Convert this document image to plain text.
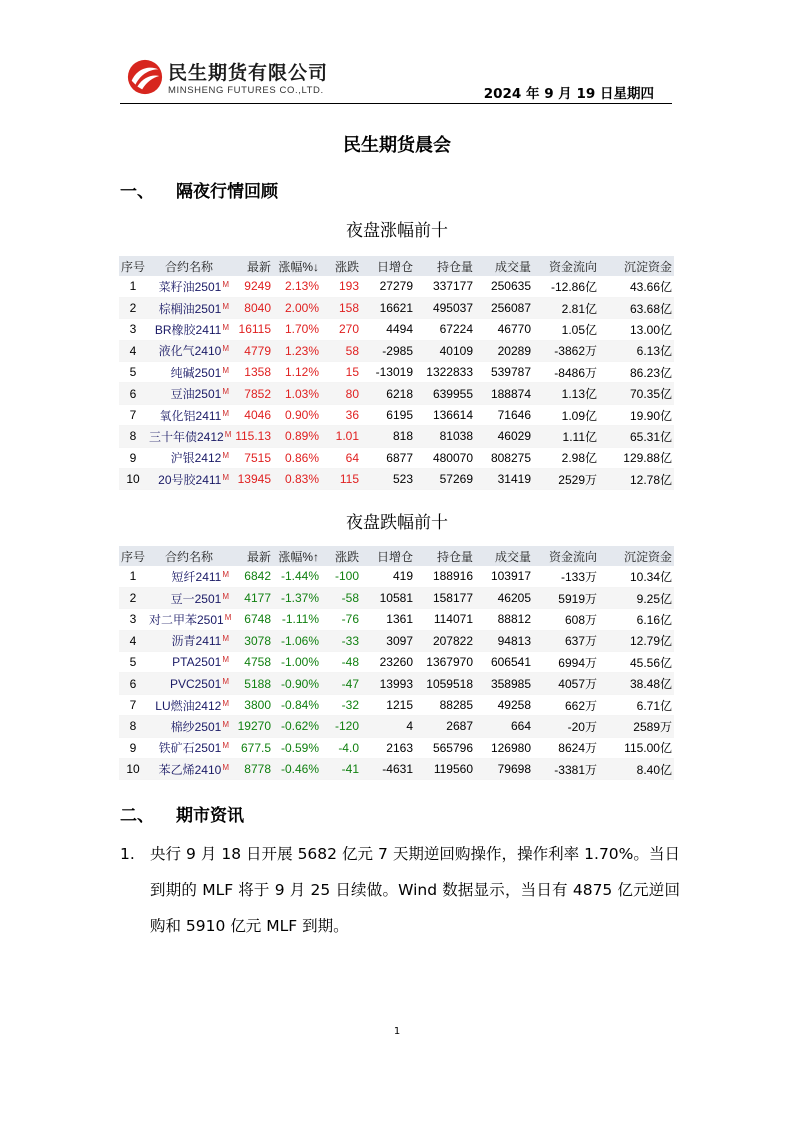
民生期货有限公司
MINSHENG FUTURES CO.,LTD.	2024 年 9 月 19 日星期四
民生期货晨会
一、 隔夜行情回顾
夜盘涨幅前十
序号	合约名称	最新	涨幅%↓	涨跌	日增仓	持仓量	成交量	资金流向	沉淀资金
1	菜籽油$2501^M$	9249	2.13%	193	27279	337177	250635	-12.86亿	43.66亿
2	棕榈油$2501^M$	8040	2.00%	158	16621	495037	256087	2.81亿	63.68亿
3	BR橡胶$2411^M$	16115	1.70%	270	4494	67224	46770	1.05亿	13.00亿
4	液化气$2410^M$	4779	1.23%	58	-2985	40109	20289	-3862万	6.13亿
5	纯碱$2501^M$	1358	1.12%	15	-13019	1322833	539787	-8486万	86.23亿
6	豆油$2501^M$	7852	1.03%	80	6218	639955	188874	1.13亿	70.35亿
7	氧化铝$2411^M$	4046	0.90%	36	6195	136614	71646	1.09亿	19.90亿
8	三十年债$2412^M$	115.13	0.89%	1.01	818	81038	46029	1.11亿	65.31亿
9	沪银$2412^M$	7515	0.86%	64	6877	480070	808275	2.98亿	129.88亿
10	20号胶$2411^M$	13945	0.83%	115	523	57269	31419	2529万	12.78亿
夜盘跌幅前十
序号	合约名称	最新	涨幅%↑	涨跌	日增仓	持仓量	成交量	资金流向	沉淀资金
1	短纤$2411^M$	6842	-1.44%	-100	419	188916	103917	-133万	10.34亿
2	豆一$2501^M$	4177	-1.37%	-58	10581	158177	46205	5919万	9.25亿
3	对二甲苯$2501^M$	6748	-1.11%	-76	1361	114071	88812	608万	6.16亿
4	沥青$2411^M$	3078	-1.06%	-33	3097	207822	94813	637万	12.79亿
5	$PTA2501^M$	4758	-1.00%	-48	23260	1367970	606541	6994万	45.56亿
6	$PVC2501^M$	5188	-0.90%	-47	13993	1059518	358985	4057万	38.48亿
7	LU燃油$2412^M$	3800	-0.84%	-32	1215	88285	49258	662万	6.71亿
8	棉纱$2501^M$	19270	-0.62%	-120	4	2687	664	-20万	2589万
9	铁矿石$2501^M$	677.5	-0.59%	-4.0	2163	565796	126980	8624万	115.00亿
10	苯乙烯$2410^M$	8778	-0.46%	-41	-4631	119560	79698	-3381万	8.40亿
二、 期市资讯
1. 央行 9 月 18 日开展 5682 亿元 7 天期逆回购操作，操作利率 1.70%。当日到期的 MLF 将于 9 月 25 日续做。Wind 数据显示，当日有 4875 亿元逆回购和 5910 亿元 MLF 到期。
1
